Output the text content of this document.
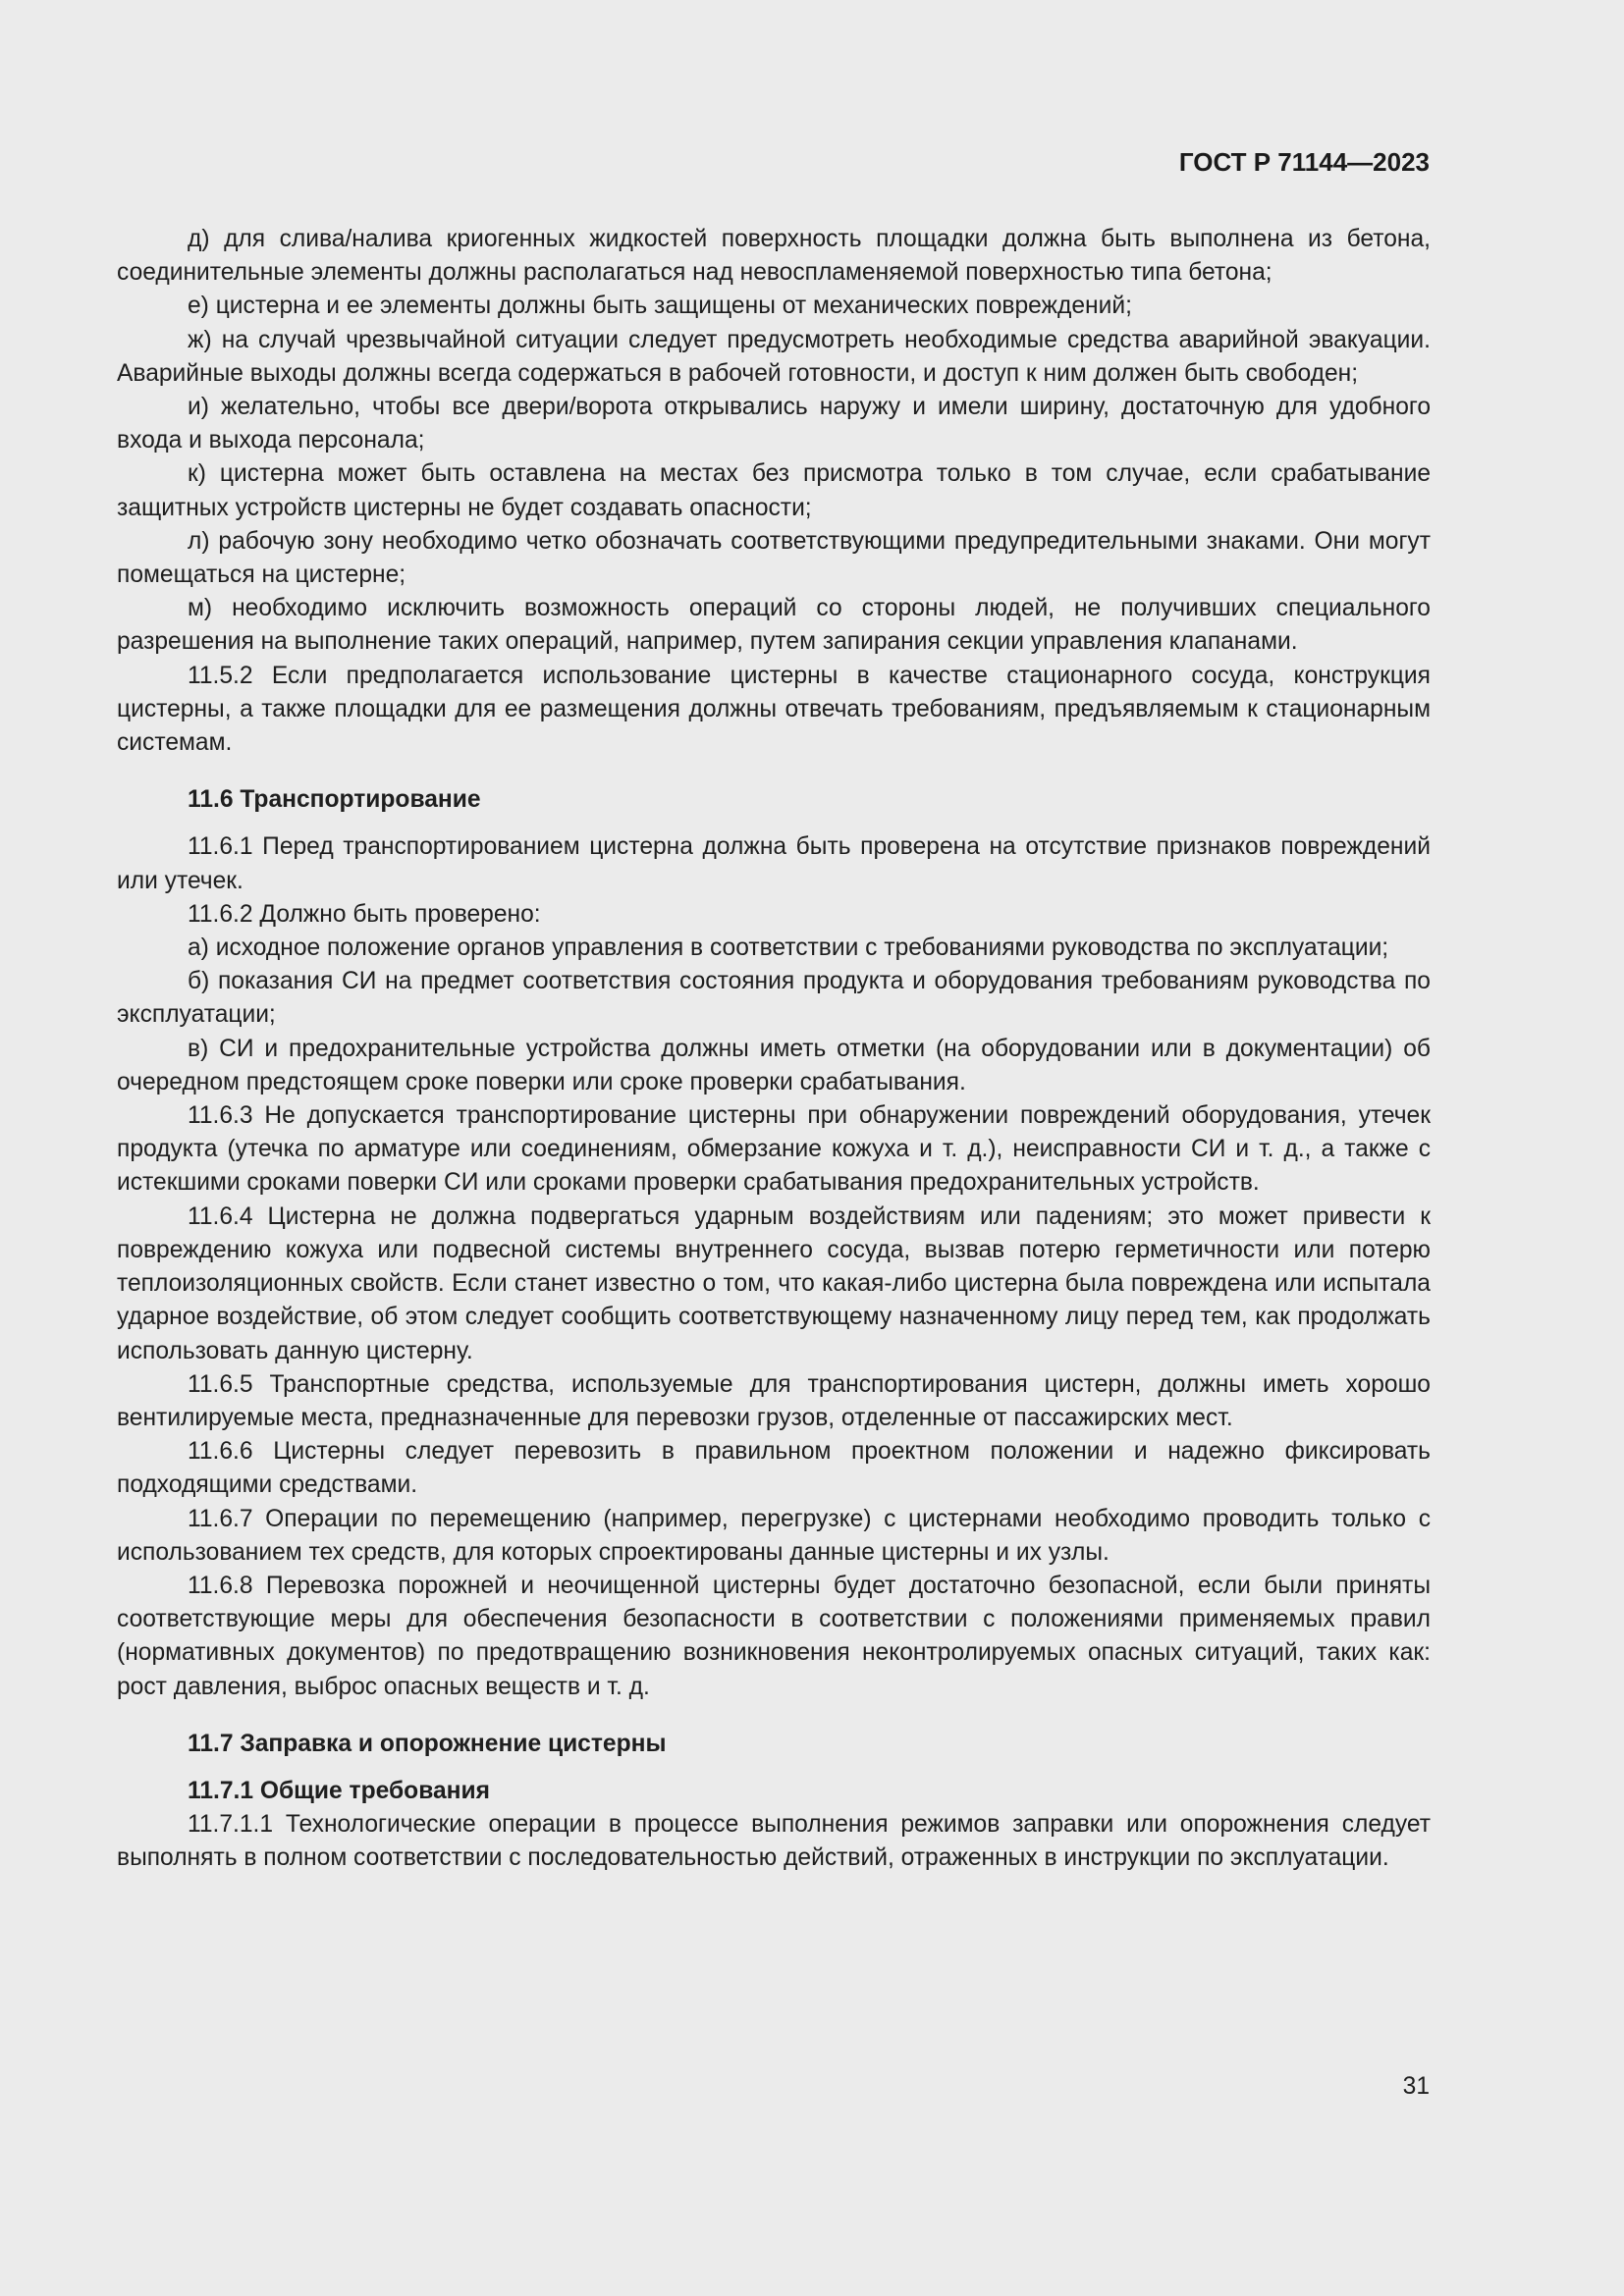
ГОСТ Р 71144—2023

д) для слива/налива криогенных жидкостей поверхность площадки должна быть выполнена из бетона, соединительные элементы должны располагаться над невоспламеняемой поверхностью типа бетона;

е) цистерна и ее элементы должны быть защищены от механических повреждений;

ж) на случай чрезвычайной ситуации следует предусмотреть необходимые средства аварийной эвакуации. Аварийные выходы должны всегда содержаться в рабочей готовности, и доступ к ним должен быть свободен;

и) желательно, чтобы все двери/ворота открывались наружу и имели ширину, достаточную для удобного входа и выхода персонала;

к) цистерна может быть оставлена на местах без присмотра только в том случае, если срабатывание защитных устройств цистерны не будет создавать опасности;

л) рабочую зону необходимо четко обозначать соответствующими предупредительными знаками. Они могут помещаться на цистерне;

м) необходимо исключить возможность операций со стороны людей, не получивших специального разрешения на выполнение таких операций, например, путем запирания секции управления клапанами.

11.5.2 Если предполагается использование цистерны в качестве стационарного сосуда, конструкция цистерны, а также площадки для ее размещения должны отвечать требованиям, предъявляемым к стационарным системам.

11.6 Транспортирование

11.6.1 Перед транспортированием цистерна должна быть проверена на отсутствие признаков повреждений или утечек.

11.6.2 Должно быть проверено:

а) исходное положение органов управления в соответствии с требованиями руководства по эксплуатации;

б) показания СИ на предмет соответствия состояния продукта и оборудования требованиям руководства по эксплуатации;

в) СИ и предохранительные устройства должны иметь отметки (на оборудовании или в документации) об очередном предстоящем сроке поверки или сроке проверки срабатывания.

11.6.3 Не допускается транспортирование цистерны при обнаружении повреждений оборудования, утечек продукта (утечка по арматуре или соединениям, обмерзание кожуха и т. д.), неисправности СИ и т. д., а также с истекшими сроками поверки СИ или сроками проверки срабатывания предохранительных устройств.

11.6.4 Цистерна не должна подвергаться ударным воздействиям или падениям; это может привести к повреждению кожуха или подвесной системы внутреннего сосуда, вызвав потерю герметичности или потерю теплоизоляционных свойств. Если станет известно о том, что какая-либо цистерна была повреждена или испытала ударное воздействие, об этом следует сообщить соответствующему назначенному лицу перед тем, как продолжать использовать данную цистерну.

11.6.5 Транспортные средства, используемые для транспортирования цистерн, должны иметь хорошо вентилируемые места, предназначенные для перевозки грузов, отделенные от пассажирских мест.

11.6.6 Цистерны следует перевозить в правильном проектном положении и надежно фиксировать подходящими средствами.

11.6.7 Операции по перемещению (например, перегрузке) с цистернами необходимо проводить только с использованием тех средств, для которых спроектированы данные цистерны и их узлы.

11.6.8 Перевозка порожней и неочищенной цистерны будет достаточно безопасной, если были приняты соответствующие меры для обеспечения безопасности в соответствии с положениями применяемых правил (нормативных документов) по предотвращению возникновения неконтролируемых опасных ситуаций, таких как: рост давления, выброс опасных веществ и т. д.

11.7 Заправка и опорожнение цистерны
11.7.1 Общие требования

11.7.1.1 Технологические операции в процессе выполнения режимов заправки или опорожнения следует выполнять в полном соответствии с последовательностью действий, отраженных в инструкции по эксплуатации.

31
